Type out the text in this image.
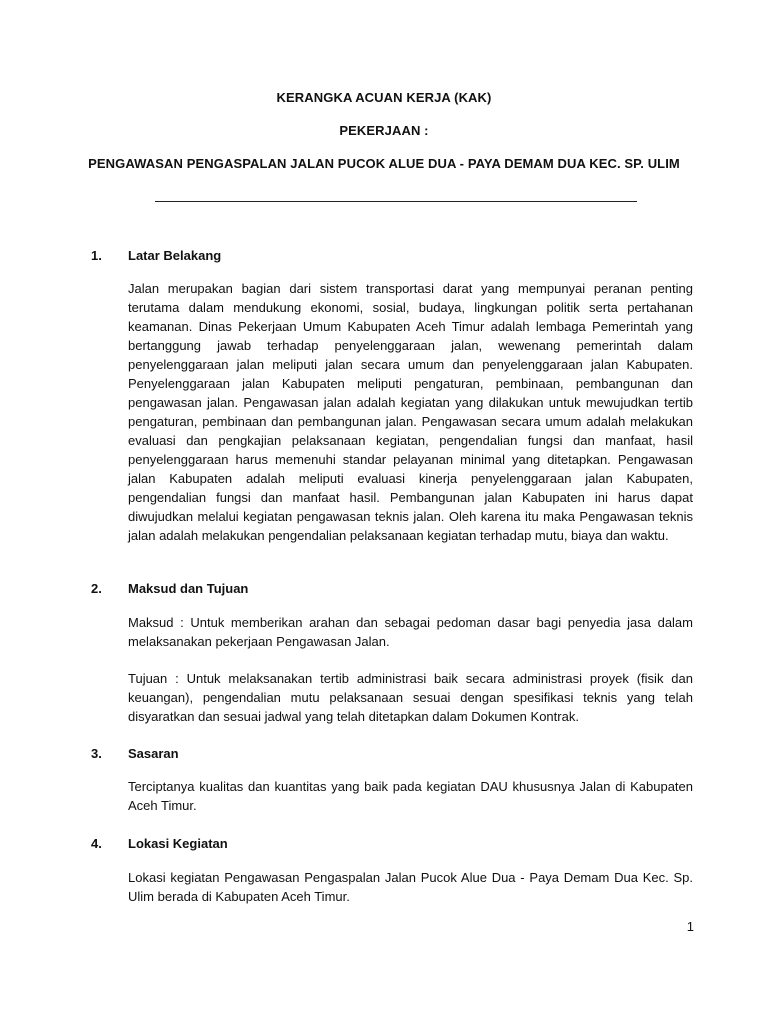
KERANGKA ACUAN KERJA (KAK)
PEKERJAAN :
PENGAWASAN PENGASPALAN JALAN PUCOK ALUE DUA - PAYA DEMAM DUA KEC. SP. ULIM
1. Latar Belakang

Jalan merupakan bagian dari sistem transportasi darat yang mempunyai peranan penting terutama dalam mendukung ekonomi, sosial, budaya, lingkungan politik serta pertahanan keamanan. Dinas Pekerjaan Umum Kabupaten Aceh Timur adalah lembaga Pemerintah yang bertanggung jawab terhadap penyelenggaraan jalan, wewenang pemerintah dalam penyelenggaraan jalan meliputi jalan secara umum dan penyelenggaraan jalan Kabupaten. Penyelenggaraan jalan Kabupaten meliputi pengaturan, pembinaan, pembangunan dan pengawasan jalan. Pengawasan jalan adalah kegiatan yang dilakukan untuk mewujudkan tertib pengaturan, pembinaan dan pembangunan jalan. Pengawasan secara umum adalah melakukan evaluasi dan pengkajian pelaksanaan kegiatan, pengendalian fungsi dan manfaat, hasil penyelenggaraan harus memenuhi standar pelayanan minimal yang ditetapkan. Pengawasan jalan Kabupaten adalah meliputi evaluasi kinerja penyelenggaraan jalan Kabupaten, pengendalian fungsi dan manfaat hasil. Pembangunan jalan Kabupaten ini harus dapat diwujudkan melalui kegiatan pengawasan teknis jalan. Oleh karena itu maka Pengawasan teknis jalan adalah melakukan pengendalian pelaksanaan kegiatan terhadap mutu, biaya dan waktu.

2. Maksud dan Tujuan

Maksud : Untuk memberikan arahan dan sebagai pedoman dasar bagi penyedia jasa dalam melaksanakan pekerjaan Pengawasan Jalan.

Tujuan : Untuk melaksanakan tertib administrasi baik secara administrasi proyek (fisik dan keuangan), pengendalian mutu pelaksanaan sesuai dengan spesifikasi teknis yang telah disyaratkan dan sesuai jadwal yang telah ditetapkan dalam Dokumen Kontrak.

3. Sasaran

Terciptanya kualitas dan kuantitas yang baik pada kegiatan DAU khususnya Jalan di Kabupaten Aceh Timur.

4. Lokasi Kegiatan

Lokasi kegiatan Pengawasan Pengaspalan Jalan Pucok Alue Dua - Paya Demam Dua Kec. Sp. Ulim berada di Kabupaten Aceh Timur.

1
